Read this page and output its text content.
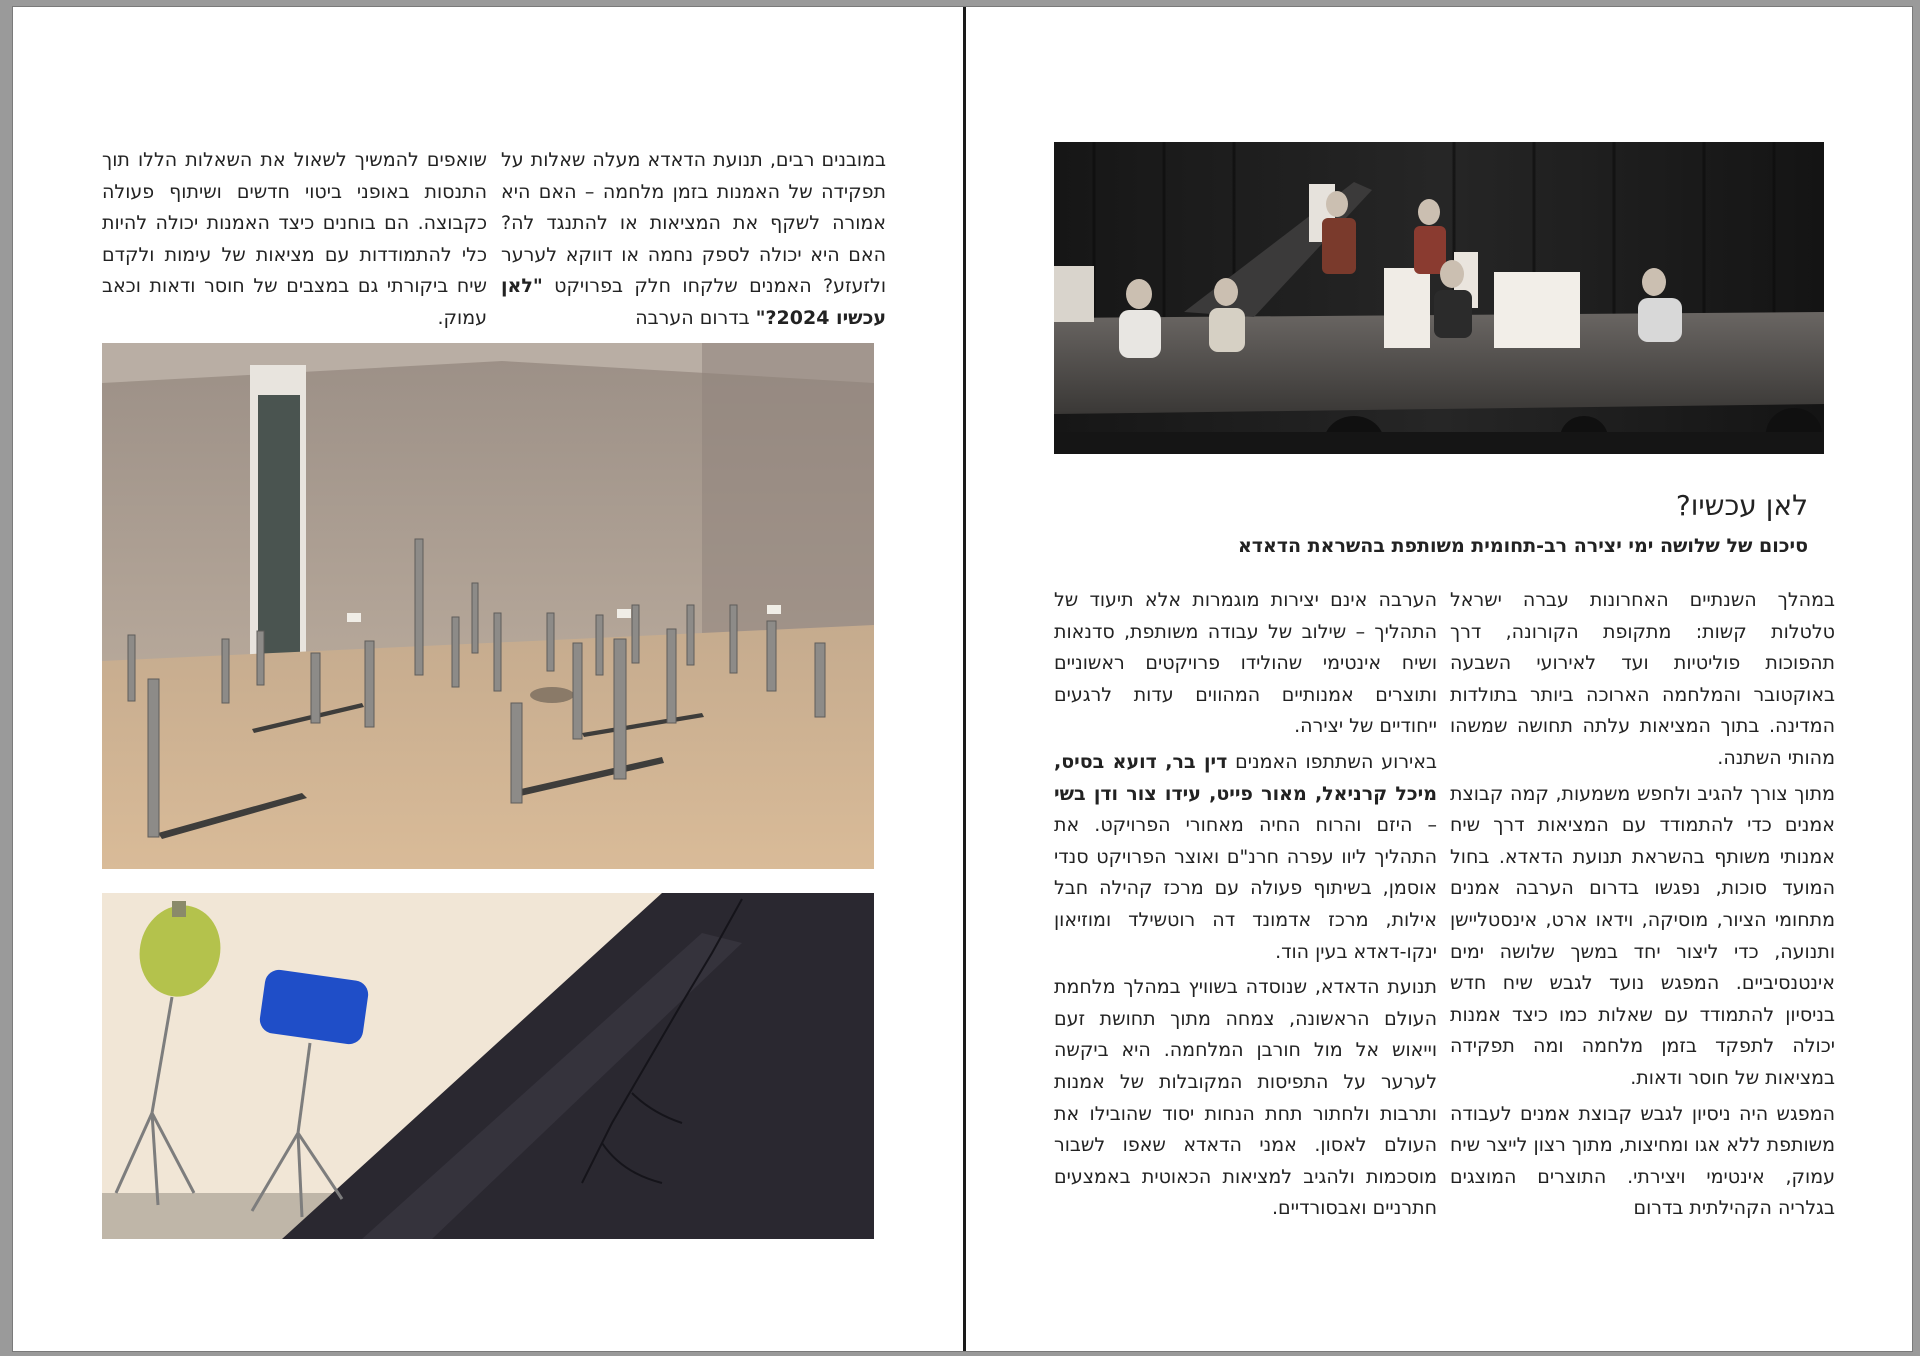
לאן עכשיו?
סיכום של שלושה ימי יצירה רב-תחומית משותפת בהשראת הדאדא

במהלך השנתיים האחרונות עברה ישראל טלטלות קשות: מתקופת הקורונה, דרך תהפוכות פוליטיות ועד לאירועי השבעה באוקטובר והמלחמה הארוכה ביותר בתולדות המדינה. בתוך המציאות עלתה תחושה שמשהו מהותי השתנה.

מתוך צורך להגיב ולחפש משמעות, קמה קבוצת אמנים כדי להתמודד עם המציאות דרך שיח אמנותי משותף בהשראת תנועת הדאדא. בחול המועד סוכות, נפגשו בדרום הערבה אמנים מתחומי הציור, מוסיקה, וידאו ארט, אינסטליישן ותנועה, כדי ליצור יחד במשך שלושה ימים אינטנסיביים. המפגש נועד לגבש שיח חדש בניסיון להתמודד עם שאלות כמו כיצד אמנות יכולה לתפקד בזמן מלחמה ומה תפקידה במציאות של חוסר ודאות.

המפגש היה ניסיון לגבש קבוצת אמנים לעבודה משותפת ללא אגו ומחיצות, מתוך רצון לייצר שיח עמוק, אינטימי ויצירתי. התוצרים המוצגים בגלריה הקהילתית בדרום

הערבה אינם יצירות מוגמרות אלא תיעוד של התהליך – שילוב של עבודה משותפת, סדנאות ושיח אינטימי שהולידו פרויקטים ראשוניים ותוצרים אמנותיים המהווים עדות לרגעים ייחודיים של יצירה.

באירוע השתתפו האמנים דין בר, דועא בסיס, מיכל קרניאל, מאור פייט, עידו צור ודן בשי – היזם והרוח החיה מאחורי הפרויקט. את התהליך ליוו עפרה חרנ"ם ואוצר הפרויקט סנדי אוסמן, בשיתוף פעולה עם מרכז קהילה חבל אילות, מרכז אדמונד דה רוטשילד ומוזיאון ינקו-דאדא בעין הוד.

תנועת הדאדא, שנוסדה בשוויץ במהלך מלחמת העולם הראשונה, צמחה מתוך תחושת זעם וייאוש אל מול חורבן המלחמה. היא ביקשה לערער על התפיסות המקובלות של אמנות ותרבות ולחתור תחת הנחות יסוד שהובילו את העולם לאסון. אמני הדאדא שאפו לשבור מוסכמות ולהגיב למציאות הכאוטית באמצעים חתרניים ואבסורדיים.

במובנים רבים, תנועת הדאדא מעלה שאלות על תפקידה של האמנות בזמן מלחמה – האם היא אמורה לשקף את המציאות או להתנגד לה? האם היא יכולה לספק נחמה או דווקא לערער ולזעזע? האמנים שלקחו חלק בפרויקט "לאן עכשיו 2024?" בדרום הערבה

שואפים להמשיך לשאול את השאלות הללו תוך התנסות באופני ביטוי חדשים ושיתוף פעולה כקבוצה. הם בוחנים כיצד האמנות יכולה להיות כלי להתמודדות עם מציאות של עימות ולקדם שיח ביקורתי גם במצבים של חוסר ודאות וכאב עמוק.
